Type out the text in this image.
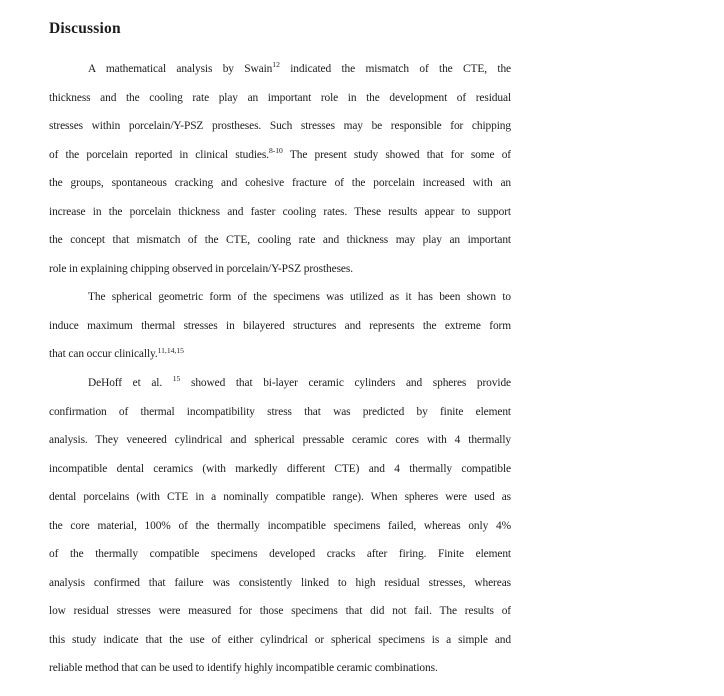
Discussion
A mathematical analysis by Swain$^{12}$ indicated the mismatch of the CTE, the
thickness and the cooling rate play an important role in the development of residual
stresses within porcelain/Y-PSZ prostheses. Such stresses may be responsible for chipping
of the porcelain reported in clinical studies.$^{8-10}$ The present study showed that for some of
the groups, spontaneous cracking and cohesive fracture of the porcelain increased with an
increase in the porcelain thickness and faster cooling rates. These results appear to support
the concept that mismatch of the CTE, cooling rate and thickness may play an important
role in explaining chipping observed in porcelain/Y-PSZ prostheses.
The spherical geometric form of the specimens was utilized as it has been shown to
induce maximum thermal stresses in bilayered structures and represents the extreme form
that can occur clinically.$^{11,14,15}$
DeHoff et al. $^{15}$ showed that bi-layer ceramic cylinders and spheres provide
confirmation of thermal incompatibility stress that was predicted by finite element
analysis. They veneered cylindrical and spherical pressable ceramic cores with 4 thermally
incompatible dental ceramics (with markedly different CTE) and 4 thermally compatible
dental porcelains (with CTE in a nominally compatible range). When spheres were used as
the core material, 100% of the thermally incompatible specimens failed, whereas only 4%
of the thermally compatible specimens developed cracks after firing. Finite element
analysis confirmed that failure was consistently linked to high residual stresses, whereas
low residual stresses were measured for those specimens that did not fail. The results of
this study indicate that the use of either cylindrical or spherical specimens is a simple and
reliable method that can be used to identify highly incompatible ceramic combinations.
